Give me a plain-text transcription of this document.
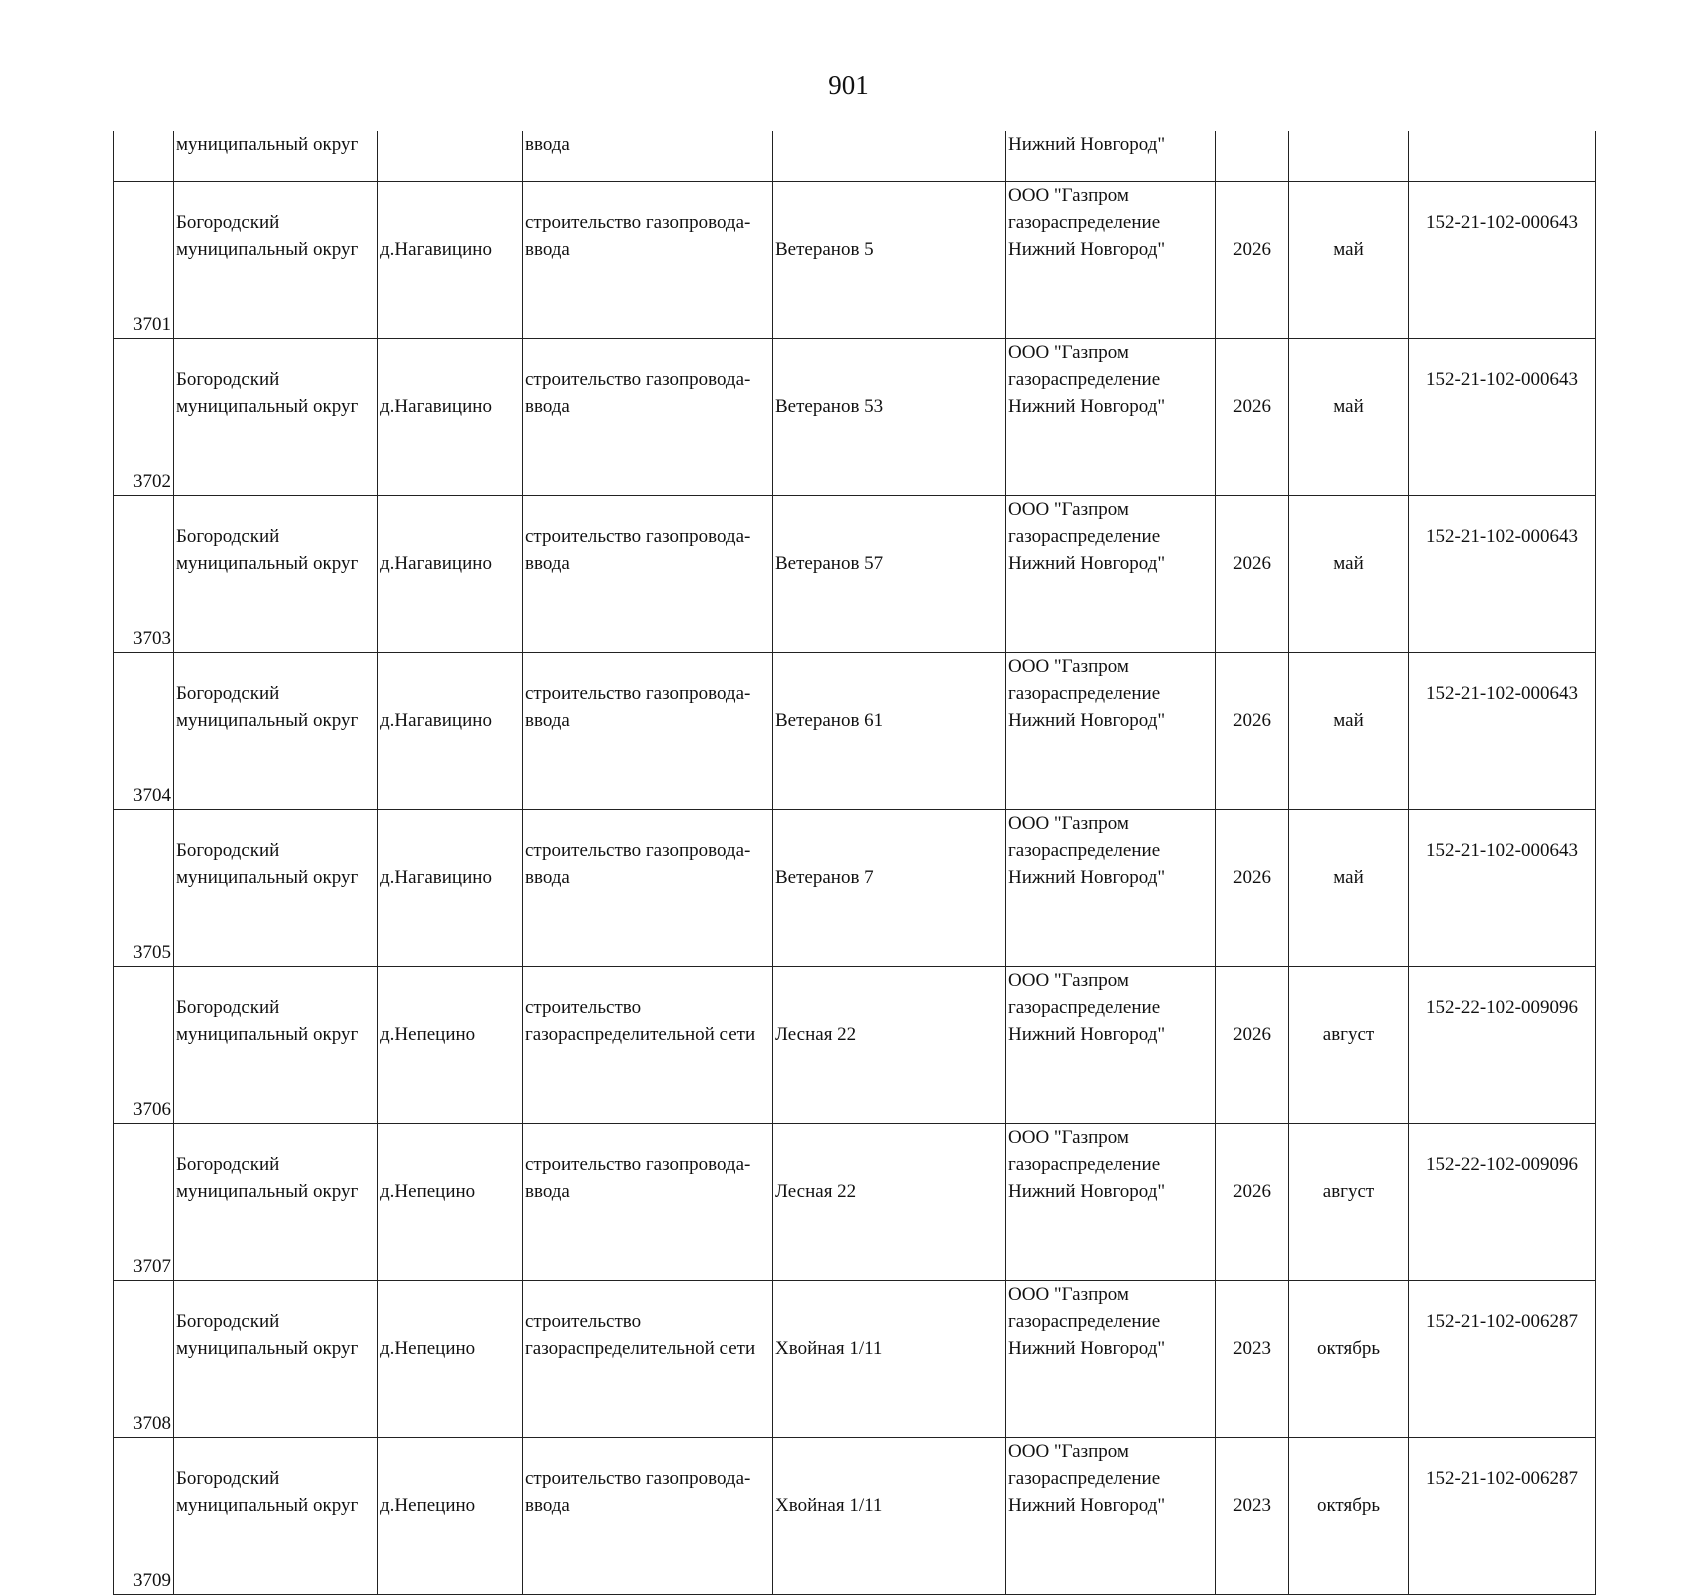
901

	муниципальный округ		ввода		Нижний Новгород"			

3701	Богородский
муниципальный округ	д.Нагавицино	строительство газопровода-
ввода	Ветеранов 5	ООО "Газпром
газораспределение
Нижний Новгород"	2026	май	152-21-102-000643

3702	Богородский
муниципальный округ	д.Нагавицино	строительство газопровода-
ввода	Ветеранов 53	ООО "Газпром
газораспределение
Нижний Новгород"	2026	май	152-21-102-000643

3703	Богородский
муниципальный округ	д.Нагавицино	строительство газопровода-
ввода	Ветеранов 57	ООО "Газпром
газораспределение
Нижний Новгород"	2026	май	152-21-102-000643

3704	Богородский
муниципальный округ	д.Нагавицино	строительство газопровода-
ввода	Ветеранов 61	ООО "Газпром
газораспределение
Нижний Новгород"	2026	май	152-21-102-000643

3705	Богородский
муниципальный округ	д.Нагавицино	строительство газопровода-
ввода	Ветеранов 7	ООО "Газпром
газораспределение
Нижний Новгород"	2026	май	152-21-102-000643

3706	Богородский
муниципальный округ	д.Непецино	строительство
газораспределительной сети	Лесная 22	ООО "Газпром
газораспределение
Нижний Новгород"	2026	август	152-22-102-009096

3707	Богородский
муниципальный округ	д.Непецино	строительство газопровода-
ввода	Лесная 22	ООО "Газпром
газораспределение
Нижний Новгород"	2026	август	152-22-102-009096

3708	Богородский
муниципальный округ	д.Непецино	строительство
газораспределительной сети	Хвойная 1/11	ООО "Газпром
газораспределение
Нижний Новгород"	2023	октябрь	152-21-102-006287

3709	Богородский
муниципальный округ	д.Непецино	строительство газопровода-
ввода	Хвойная 1/11	ООО "Газпром
газораспределение
Нижний Новгород"	2023	октябрь	152-21-102-006287
